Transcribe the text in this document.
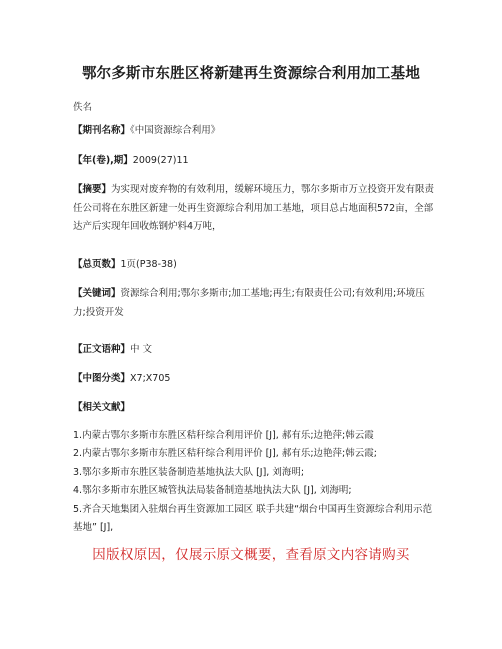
鄂尔多斯市东胜区将新建再生资源综合利用加工基地
佚名
【期刊名称】《中国资源综合利用》
【年(卷),期】2009(27)11
【摘要】为实现对废弃物的有效利用，缓解环境压力，鄂尔多斯市万立投资开发有限责任公司将在东胜区新建一处再生资源综合利用加工基地，项目总占地面积572亩，全部达产后实现年回收炼钢炉料4万吨，
【总页数】1页(P38-38)
【关键词】资源综合利用;鄂尔多斯市;加工基地;再生;有限责任公司;有效利用;环境压力;投资开发
【正文语种】中 文
【中图分类】X7;X705
【相关文献】
1.内蒙古鄂尔多斯市东胜区秸秆综合利用评价 [J], 郝有乐;边艳萍;韩云霞
2.内蒙古鄂尔多斯市东胜区秸秆综合利用评价 [J], 郝有乐;边艳萍;韩云霞;
3.鄂尔多斯市东胜区装备制造基地执法大队 [J], 刘海明;
4.鄂尔多斯市东胜区城管执法局装备制造基地执法大队 [J], 刘海明;
5.齐合天地集团入驻烟台再生资源加工园区 联手共建“烟台中国再生资源综合利用示范基地” [J],
因版权原因，仅展示原文概要，查看原文内容请购买
